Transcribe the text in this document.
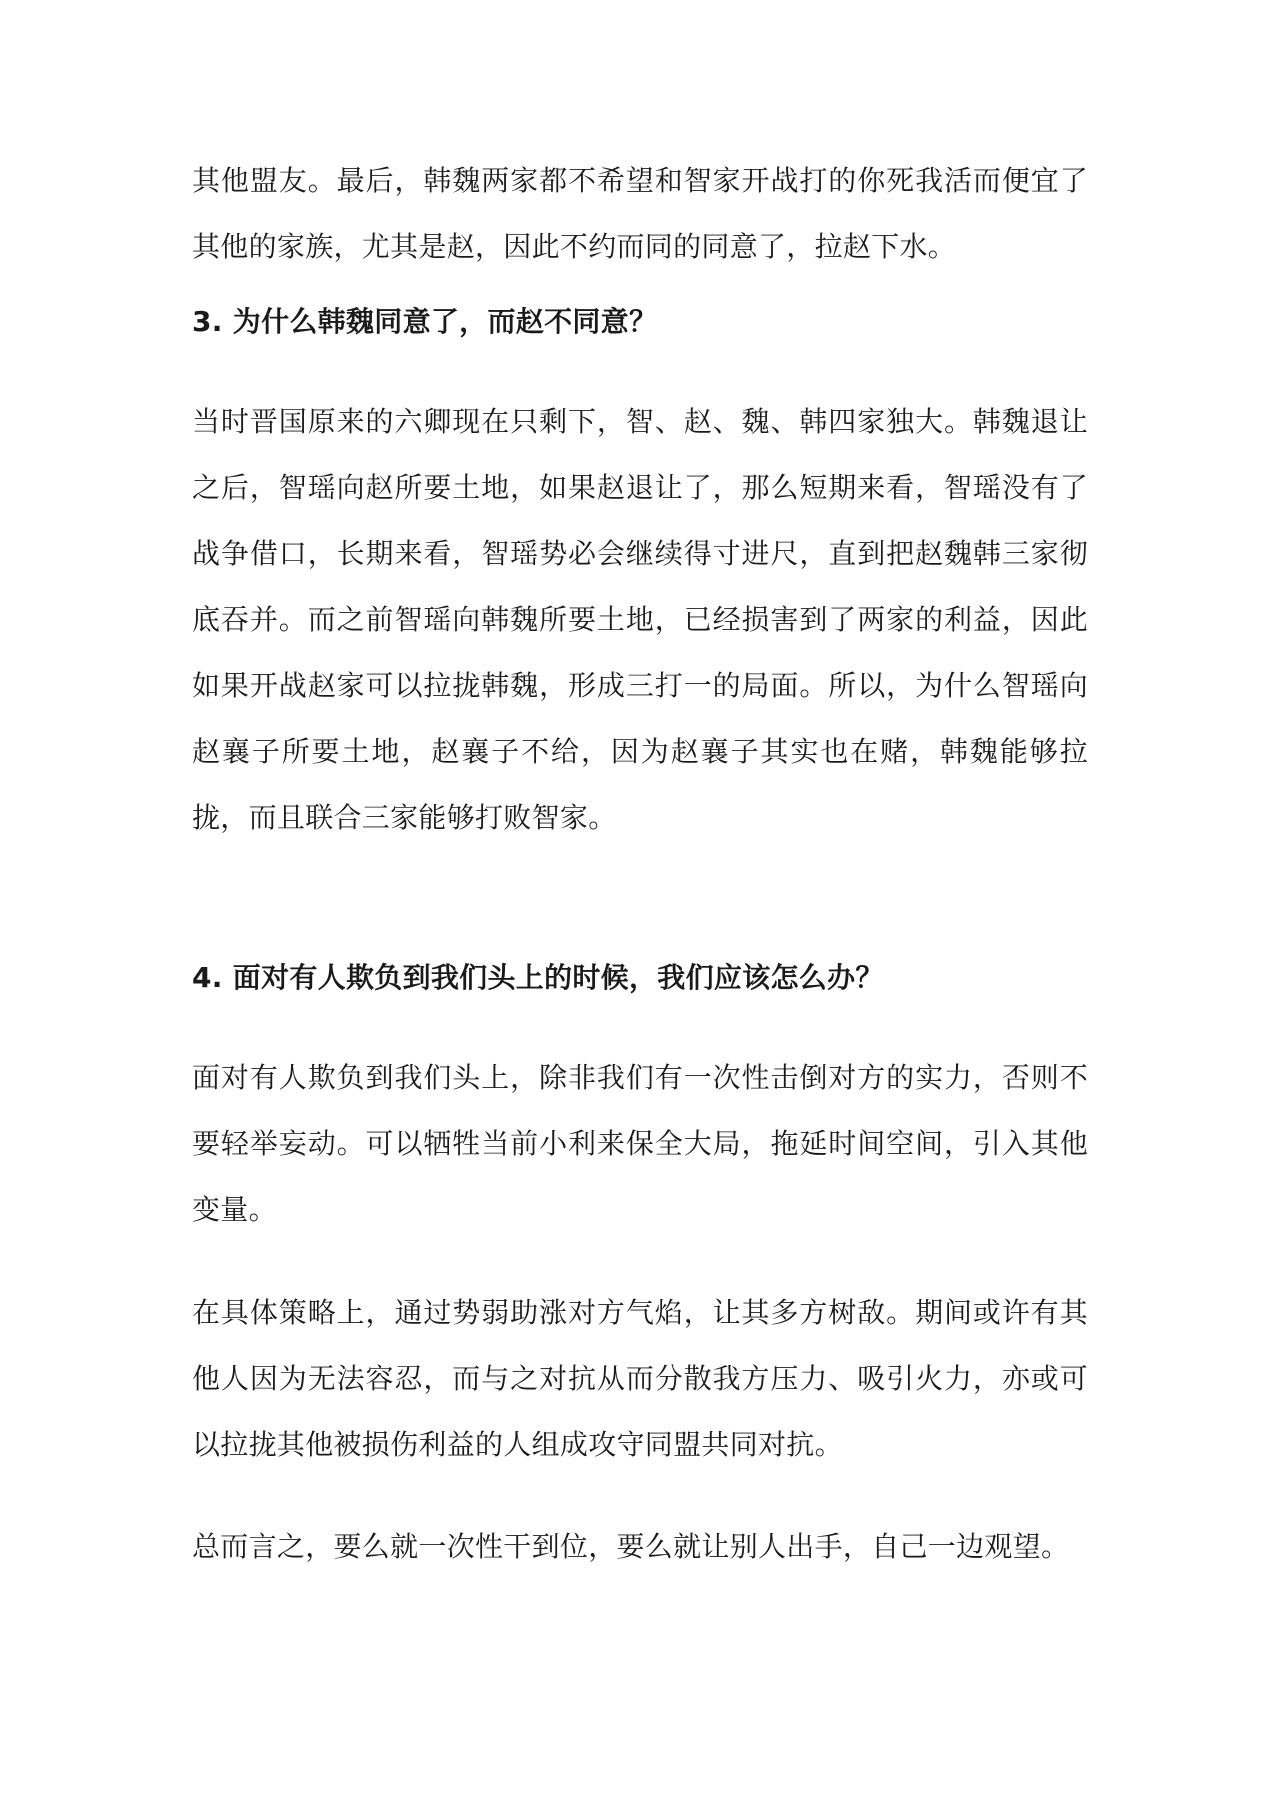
其他盟友。最后，韩魏两家都不希望和智家开战打的你死我活而便宜了其他的家族，尤其是赵，因此不约而同的同意了，拉赵下水。

3. 为什么韩魏同意了，而赵不同意？

当时晋国原来的六卿现在只剩下，智、赵、魏、韩四家独大。韩魏退让之后，智瑶向赵所要土地，如果赵退让了，那么短期来看，智瑶没有了战争借口，长期来看，智瑶势必会继续得寸进尺，直到把赵魏韩三家彻底吞并。而之前智瑶向韩魏所要土地，已经损害到了两家的利益，因此如果开战赵家可以拉拢韩魏，形成三打一的局面。所以，为什么智瑶向赵襄子所要土地，赵襄子不给，因为赵襄子其实也在赌，韩魏能够拉拢，而且联合三家能够打败智家。

4. 面对有人欺负到我们头上的时候，我们应该怎么办？

面对有人欺负到我们头上，除非我们有一次性击倒对方的实力，否则不要轻举妄动。可以牺牲当前小利来保全大局，拖延时间空间，引入其他变量。

在具体策略上，通过势弱助涨对方气焰，让其多方树敌。期间或许有其他人因为无法容忍，而与之对抗从而分散我方压力、吸引火力，亦或可以拉拢其他被损伤利益的人组成攻守同盟共同对抗。

总而言之，要么就一次性干到位，要么就让别人出手，自己一边观望。
